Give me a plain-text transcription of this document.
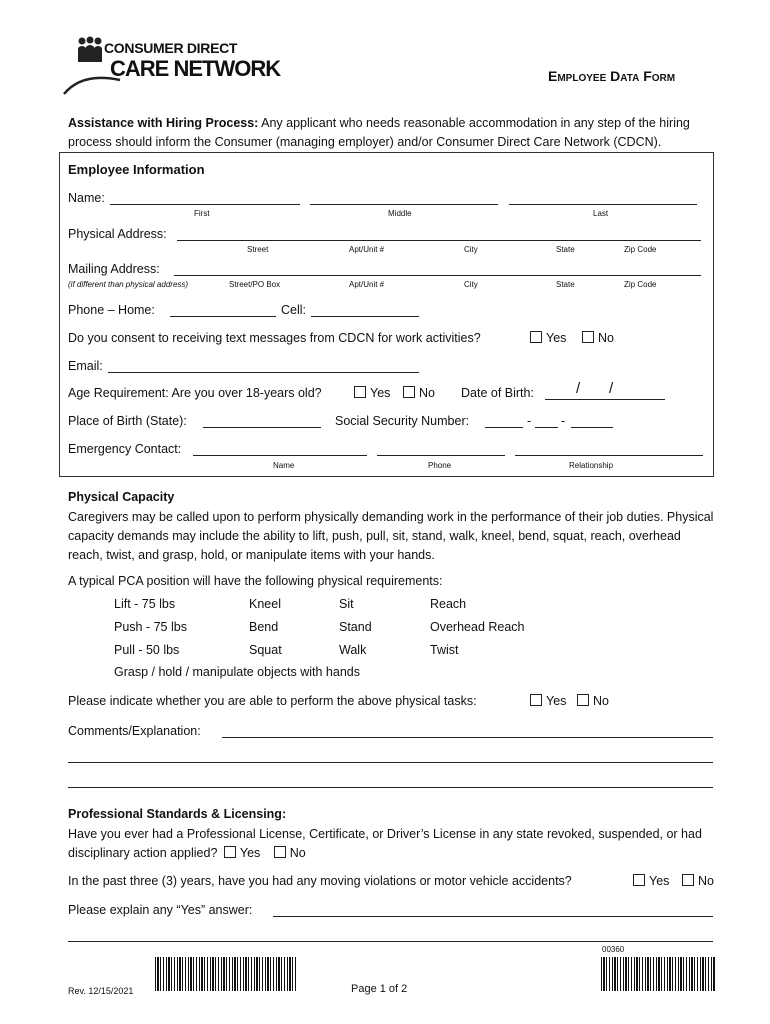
CONSUMER DIRECT
CARE NETWORK	Employee Data Form
Assistance with Hiring Process: Any applicant who needs reasonable accommodation in any step of the hiring process should inform the Consumer (managing employer) and/or Consumer Direct Care Network (CDCN).
Employee Information
Name:
First	Middle	Last
Physical Address:
Street	Apt/Unit #	City	State	Zip Code
Mailing Address:
(if different than physical address)	Street/PO Box	Apt/Unit #	City	State	Zip Code
Phone – Home:	Cell:
Do you consent to receiving text messages from CDCN for work activities?	Yes	No
Email:
Age Requirement: Are you over 18-years old?	Yes	No Date of Birth:	/ /
Place of Birth (State):	Social Security Number:	- -
Emergency Contact:
Name	Phone	Relationship
Physical Capacity
Caregivers may be called upon to perform physically demanding work in the performance of their job duties. Physical capacity demands may include the ability to lift, push, pull, sit, stand, walk, kneel, bend, squat, reach, overhead reach, twist, and grasp, hold, or manipulate items with your hands.
A typical PCA position will have the following physical requirements:
Lift - 75 lbs	Kneel	Sit	Reach
Push - 75 lbs	Bend	Stand	Overhead Reach
Pull - 50 lbs	Squat	Walk	Twist
Grasp / hold / manipulate objects with hands
Please indicate whether you are able to perform the above physical tasks:	Yes	No
Comments/Explanation:
Professional Standards & Licensing:
Have you ever had a Professional License, Certificate, or Driver’s License in any state revoked, suspended, or had disciplinary action applied? Yes No
In the past three (3) years, have you had any moving violations or motor vehicle accidents?	Yes	No
Please explain any “Yes” answer:
00360
Rev. 12/15/2021	Page 1 of 2
